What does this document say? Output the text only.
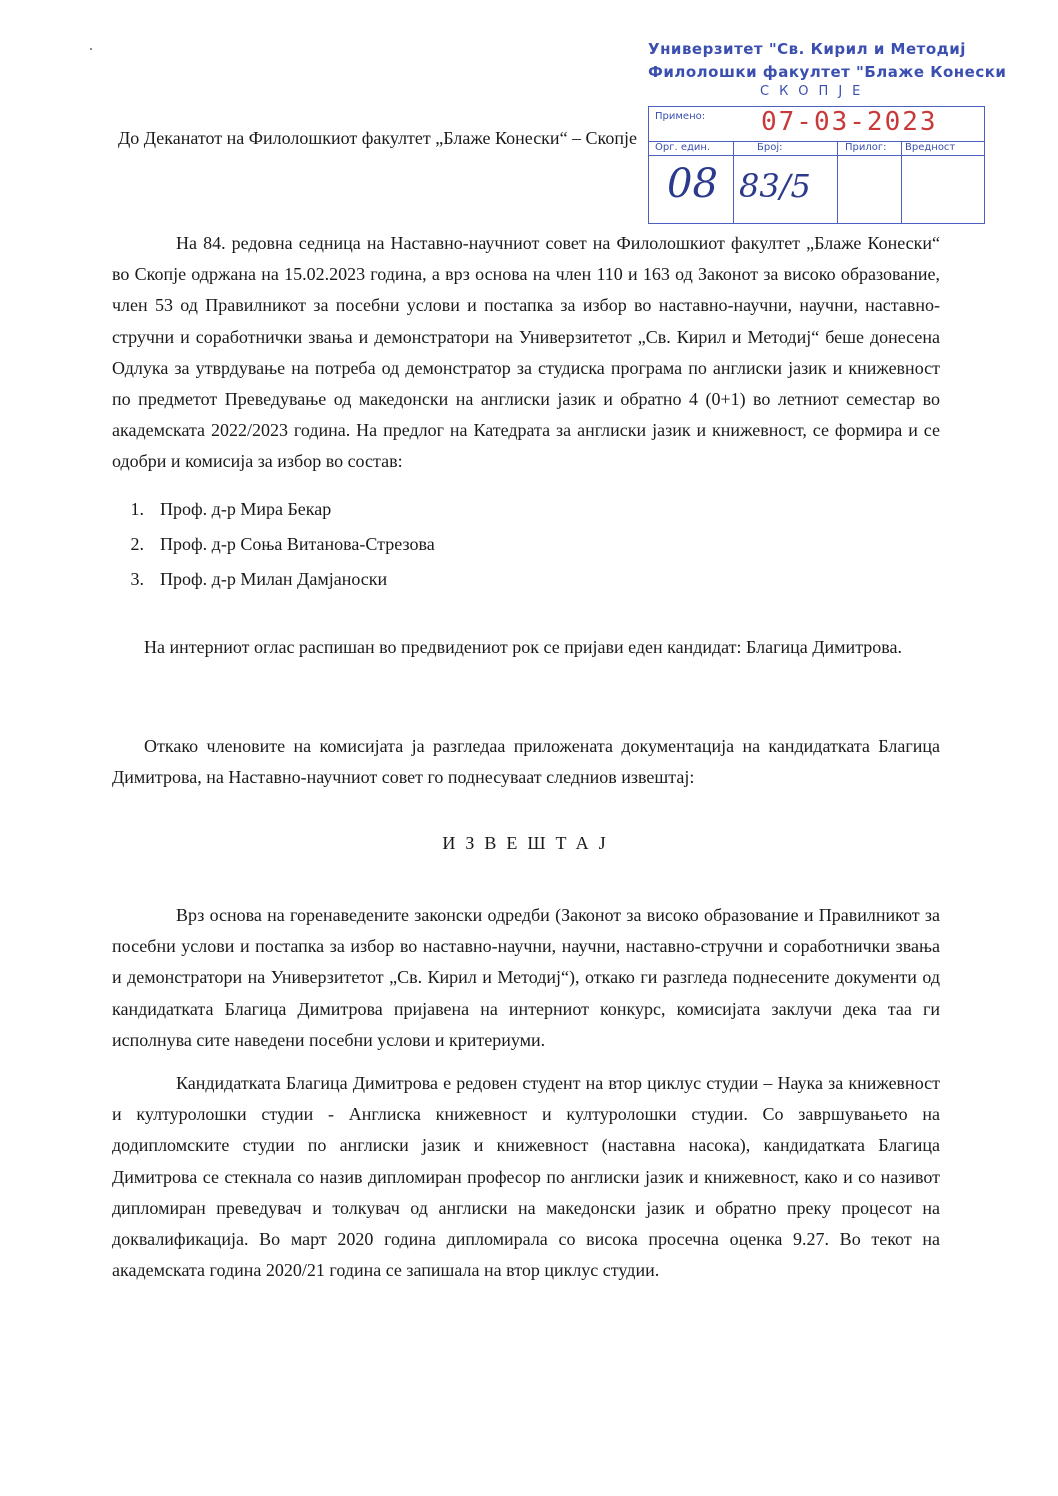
Универзитет "Св. Кирил и Методиј
Филолошки факултет "Блаже Конески
СКОПЈЕ
Примено: 07-03-2023
Орг. един.	Број:	Прилог: Вредност
08 83/5
До Деканатот на Филолошкиот факултет „Блаже Конески“ – Скопје
На 84. редовна седница на Наставно-научниот совет на Филолошкиот факултет „Блаже Конески“ во Скопје одржана на 15.02.2023 година, а врз основа на член 110 и 163 од Законот за високо образование, член 53 од Правилникот за посебни услови и постапка за избор во наставно-научни, научни, наставно-стручни и соработнички звања и демонстратори на Универзитетот „Св. Кирил и Методиј“ беше донесена Одлука за утврдување на потреба од демонстратор за студиска програма по англиски јазик и книжевност по предметот Преведување од македонски на англиски јазик и обратно 4 (0+1) во летниот семестар во академската 2022/2023 година. На предлог на Катедрата за англиски јазик и книжевност, се формира и се одобри и комисија за избор во состав:
1. Проф. д-р Мира Бекар
2. Проф. д-р Соња Витанова-Стрезова
3. Проф. д-р Милан Дамјаноски
На интерниот оглас распишан во предвидениот рок се пријави еден кандидат: Благица Димитрова.
Откако членовите на комисијата ја разгледаа приложената документација на кандидатката Благица Димитрова, на Наставно-научниот совет го поднесуваат следниов извештај:
ИЗВЕШТАЈ
Врз основа на горенаведените законски одредби (Законот за високо образование и Правилникот за посебни услови и постапка за избор во наставно-научни, научни, наставно-стручни и соработнички звања и демонстратори на Универзитетот „Св. Кирил и Методиј“), откако ги разгледа поднесените документи од кандидатката Благица Димитрова пријавена на интерниот конкурс, комисијата заклучи дека таа ги исполнува сите наведени посебни услови и критериуми.
Кандидатката Благица Димитрова е редовен студент на втор циклус студии – Наука за книжевност и културолошки студии - Англиска книжевност и културолошки студии. Со завршувањето на додипломските студии по англиски јазик и книжевност (наставна насока), кандидатката Благица Димитрова се стекнала со назив дипломиран професор по англиски јазик и книжевност, како и со називот дипломиран преведувач и толкувач од англиски на македонски јазик и обратно преку процесот на доквалификација. Во март 2020 година дипломирала со висока просечна оценка 9.27. Во текот на академската година 2020/21 година се запишала на втор циклус студии.
